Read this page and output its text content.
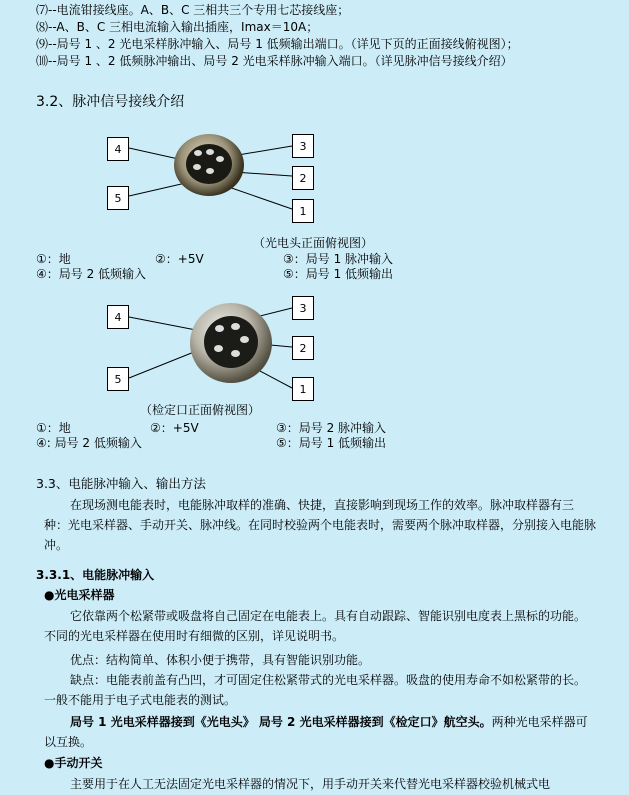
⑺--电流钳接线座。A、B、C 三相共三个专用七芯接线座；
⑻--A、B、C 三相电流输入输出插座，Imax＝10A；
⑼--局号 1 、2 光电采样脉冲输入、局号 1 低频输出端口。（详见下页的正面接线俯视图）；
⑽--局号 1 、2 低频脉冲输出、局号 2 光电采样脉冲输入端口。（详见脉冲信号接线介绍）
3.2、脉冲信号接线介绍
4
5
3
2
1
（光电头正面俯视图）
①：地	②：+5V	③：局号 1 脉冲输入
④：局号 2 低频输入	⑤：局号 1 低频输出
4
5
3
2
1
（检定口正面俯视图）
①：地	②：+5V	③：局号 2 脉冲输入
④: 局号 2 低频输入	⑤：局号 1 低频输出
3.3、电能脉冲输入、输出方法
在现场测电能表时，电能脉冲取样的准确、快捷，直接影响到现场工作的效率。脉冲取样器有三种：光电采样器、手动开关、脉冲线。在同时校验两个电能表时，需要两个脉冲取样器，分别接入电能脉冲。
3.3.1、电能脉冲输入
●光电采样器
它依靠两个松紧带或吸盘将自己固定在电能表上。具有自动跟踪、智能识别电度表上黑标的功能。不同的光电采样器在使用时有细微的区别，详见说明书。
优点：结构简单、体积小便于携带，具有智能识别功能。
缺点：电能表前盖有凸凹，才可固定住松紧带式的光电采样器。吸盘的使用寿命不如松紧带的长。一般不能用于电子式电能表的测试。
局号 1 光电采样器接到《光电头》 局号 2 光电采样器接到《检定口》航空头。两种光电采样器可以互换。
●手动开关
主要用于在人工无法固定光电采样器的情况下，用手动开关来代替光电采样器校验机械式电
